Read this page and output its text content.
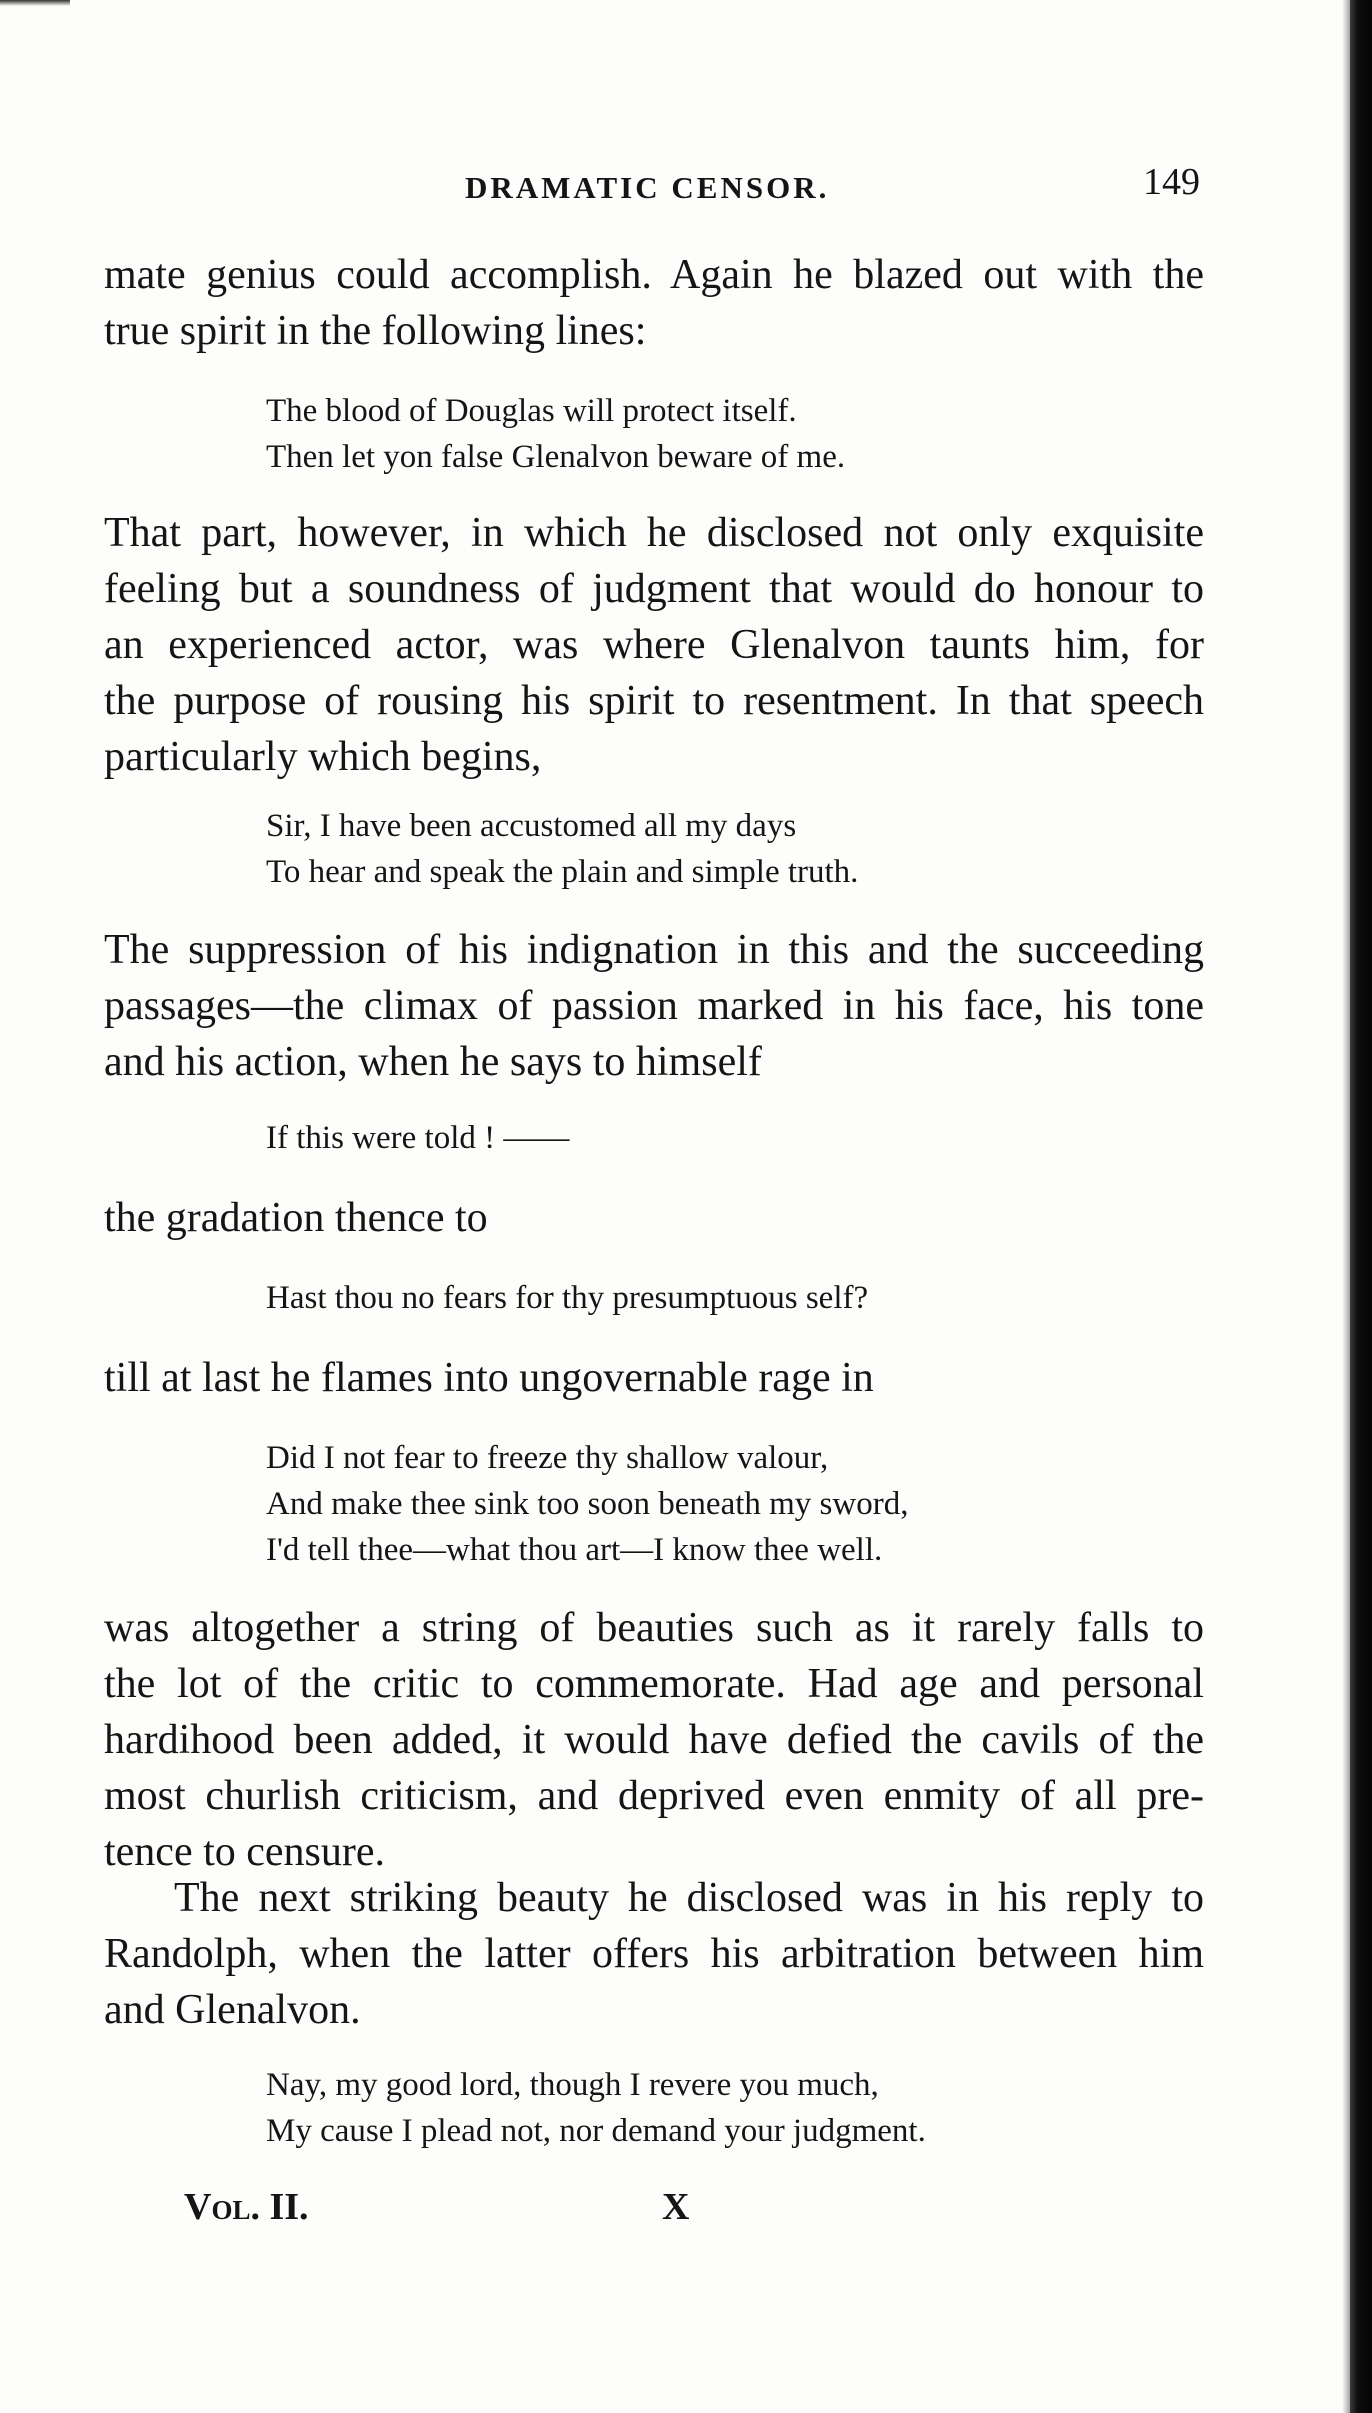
DRAMATIC CENSOR.	149
mate genius could accomplish. Again he blazed out with the
true spirit in the following lines:
The blood of Douglas will protect itself.
Then let yon false Glenalvon beware of me.
That part, however, in which he disclosed not only exquisite
feeling but a soundness of judgment that would do honour to
an experienced actor, was where Glenalvon taunts him, for
the purpose of rousing his spirit to resentment. In that speech
particularly which begins,
Sir, I have been accustomed all my days
To hear and speak the plain and simple truth.
The suppression of his indignation in this and the succeeding
passages—the climax of passion marked in his face, his tone
and his action, when he says to himself
If this were told ! ——
the gradation thence to
Hast thou no fears for thy presumptuous self?
till at last he flames into ungovernable rage in
Did I not fear to freeze thy shallow valour,
And make thee sink too soon beneath my sword,
I'd tell thee—what thou art—I know thee well.
was altogether a string of beauties such as it rarely falls to
the lot of the critic to commemorate. Had age and personal
hardihood been added, it would have defied the cavils of the
most churlish criticism, and deprived even enmity of all pre-
tence to censure.
The next striking beauty he disclosed was in his reply to
Randolph, when the latter offers his arbitration between him
and Glenalvon.
Nay, my good lord, though I revere you much,
My cause I plead not, nor demand your judgment.
Vol. II.	X
